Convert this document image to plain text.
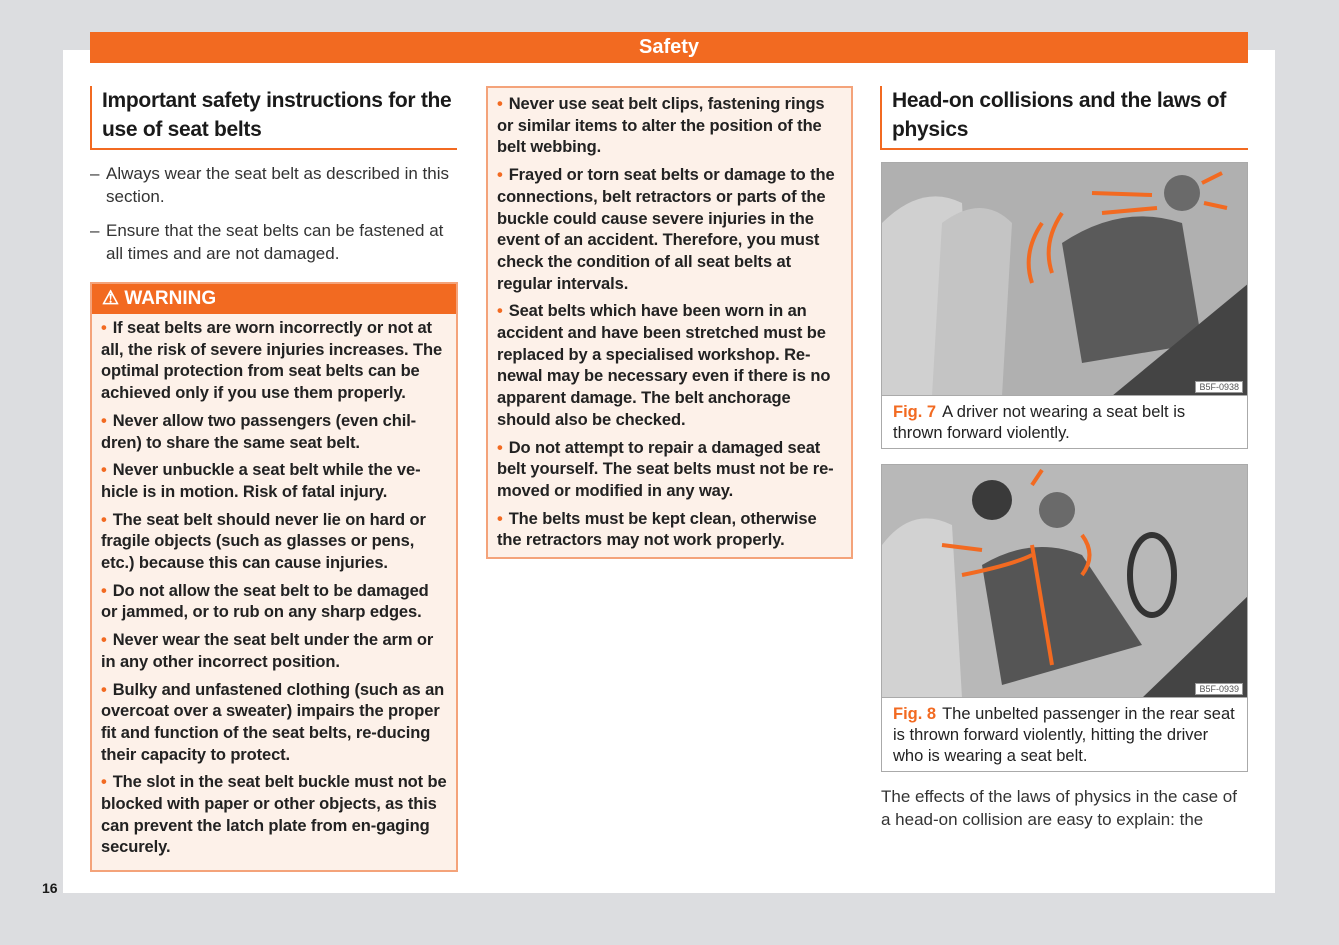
Safety
16
Important safety instructions for the use of seat belts
– Always wear the seat belt as described in this section.
– Ensure that the seat belts can be fastened at all times and are not damaged.
⚠ WARNING
• If seat belts are worn incorrectly or not at all, the risk of severe injuries increases. The optimal protection from seat belts can be achieved only if you use them properly.
• Never allow two passengers (even chil-dren) to share the same seat belt.
• Never unbuckle a seat belt while the ve-hicle is in motion. Risk of fatal injury.
• The seat belt should never lie on hard or fragile objects (such as glasses or pens, etc.) because this can cause injuries.
• Do not allow the seat belt to be damaged or jammed, or to rub on any sharp edges.
• Never wear the seat belt under the arm or in any other incorrect position.
• Bulky and unfastened clothing (such as an overcoat over a sweater) impairs the proper fit and function of the seat belts, re-ducing their capacity to protect.
• The slot in the seat belt buckle must not be blocked with paper or other objects, as this can prevent the latch plate from en-gaging securely.
• Never use seat belt clips, fastening rings or similar items to alter the position of the belt webbing.
• Frayed or torn seat belts or damage to the connections, belt retractors or parts of the buckle could cause severe injuries in the event of an accident. Therefore, you must check the condition of all seat belts at regular intervals.
• Seat belts which have been worn in an accident and have been stretched must be replaced by a specialised workshop. Re-newal may be necessary even if there is no apparent damage. The belt anchorage should also be checked.
• Do not attempt to repair a damaged seat belt yourself. The seat belts must not be re-moved or modified in any way.
• The belts must be kept clean, otherwise the retractors may not work properly.
Head-on collisions and the laws of physics
B5F-0938
Fig. 7 A driver not wearing a seat belt is thrown forward violently.
B5F-0939
Fig. 8 The unbelted passenger in the rear seat is thrown forward violently, hitting the driver who is wearing a seat belt.
The effects of the laws of physics in the case of a head-on collision are easy to explain: the
